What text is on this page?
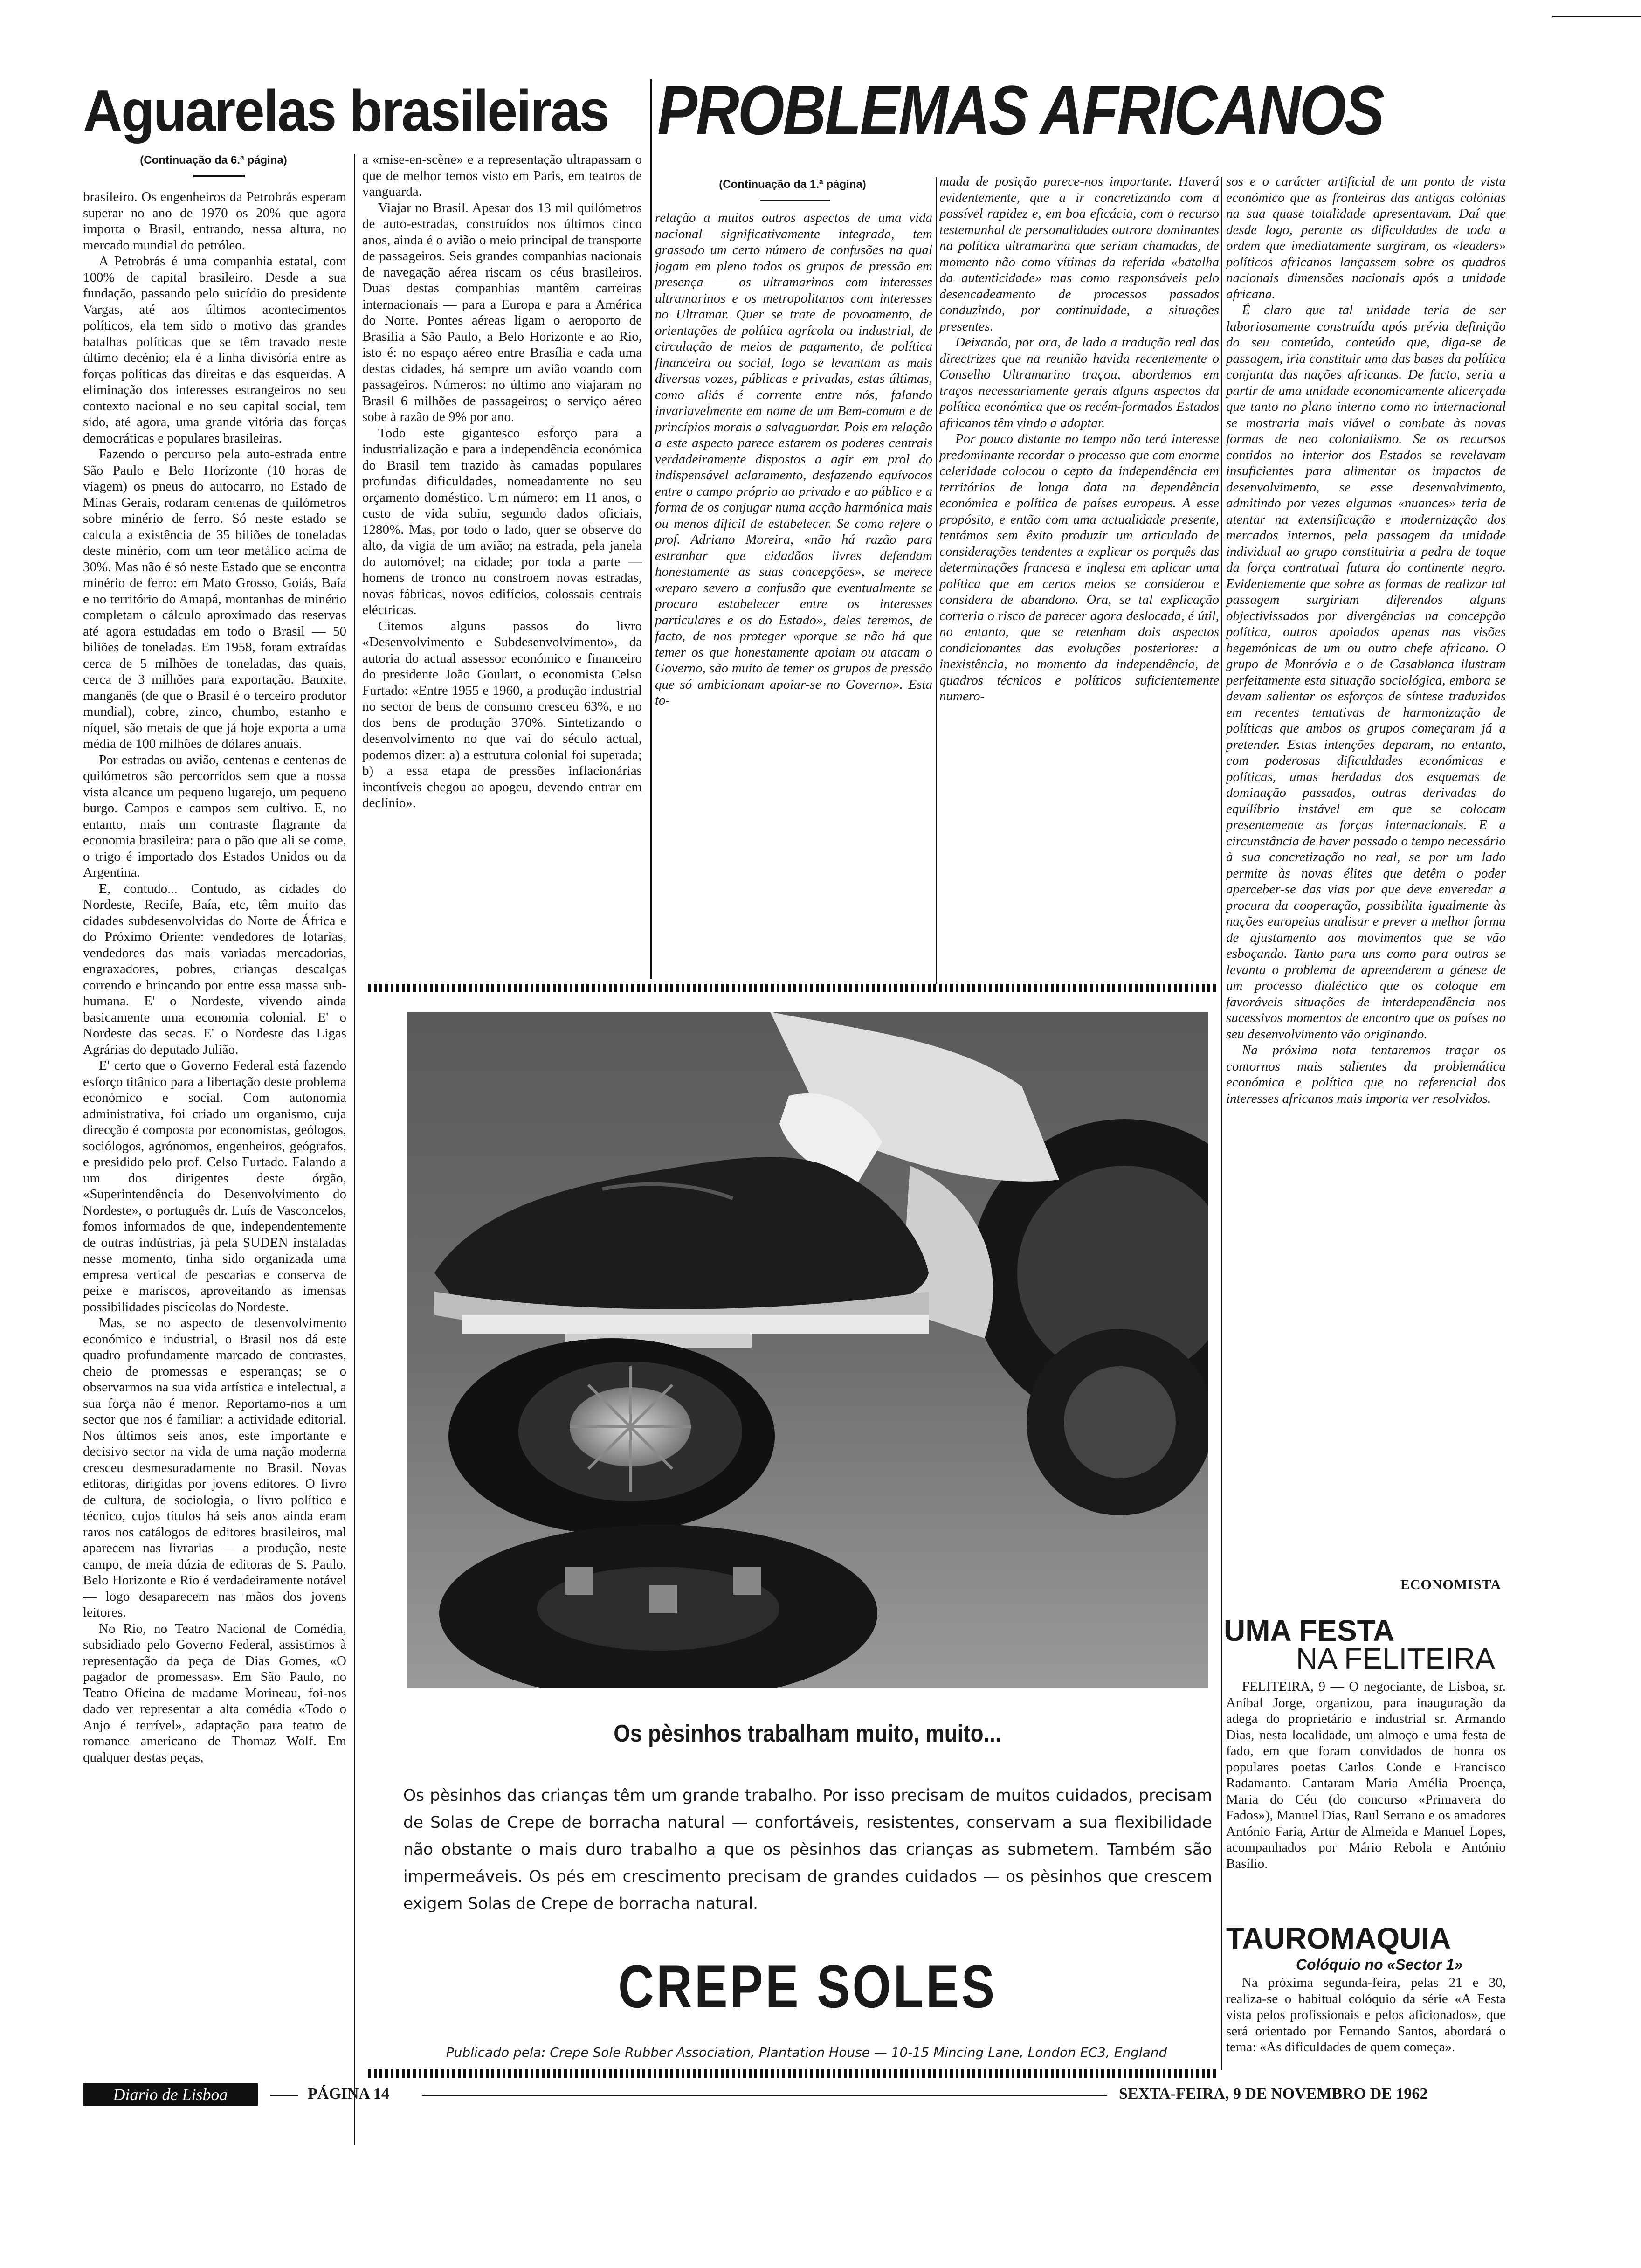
Aguarelas brasileiras
(Continuação da 6.ª página)

brasileiro. Os engenheiros da Petrobrás esperam superar no ano de 1970 os 20% que agora importa o Brasil, entrando, nessa altura, no mercado mundial do petróleo.

A Petrobrás é uma companhia estatal, com 100% de capital brasileiro. Desde a sua fundação, passando pelo suicídio do presidente Vargas, até aos últimos acontecimentos políticos, ela tem sido o motivo das grandes batalhas políticas que se têm travado neste último decénio; ela é a linha divisória entre as forças políticas das direitas e das esquerdas. A eliminação dos interesses estrangeiros no seu contexto nacional e no seu capital social, tem sido, até agora, uma grande vitória das forças democráticas e populares brasileiras.

Fazendo o percurso pela auto-estrada entre São Paulo e Belo Horizonte (10 horas de viagem) os pneus do autocarro, no Estado de Minas Gerais, rodaram centenas de quilómetros sobre minério de ferro. Só neste estado se calcula a existência de 35 biliões de toneladas deste minério, com um teor metálico acima de 30%. Mas não é só neste Estado que se encontra minério de ferro: em Mato Grosso, Goiás, Baía e no território do Amapá, montanhas de minério completam o cálculo aproximado das reservas até agora estudadas em todo o Brasil — 50 biliões de toneladas. Em 1958, foram extraídas cerca de 5 milhões de toneladas, das quais, cerca de 3 milhões para exportação. Bauxite, manganês (de que o Brasil é o terceiro produtor mundial), cobre, zinco, chumbo, estanho e níquel, são metais de que já hoje exporta a uma média de 100 milhões de dólares anuais.

Por estradas ou avião, centenas e centenas de quilómetros são percorridos sem que a nossa vista alcance um pequeno lugarejo, um pequeno burgo. Campos e campos sem cultivo. E, no entanto, mais um contraste flagrante da economia brasileira: para o pão que ali se come, o trigo é importado dos Estados Unidos ou da Argentina.

E, contudo... Contudo, as cidades do Nordeste, Recife, Baía, etc, têm muito das cidades subdesenvolvidas do Norte de África e do Próximo Oriente: vendedores de lotarias, vendedores das mais variadas mercadorias, engraxadores, pobres, crianças descalças correndo e brincando por entre essa massa sub-humana. E' o Nordeste, vivendo ainda basicamente uma economia colonial. E' o Nordeste das secas. E' o Nordeste das Ligas Agrárias do deputado Julião.

E' certo que o Governo Federal está fazendo esforço titânico para a libertação deste problema económico e social. Com autonomia administrativa, foi criado um organismo, cuja direcção é composta por economistas, geólogos, sociólogos, agrónomos, engenheiros, geógrafos, e presidido pelo prof. Celso Furtado. Falando a um dos dirigentes deste órgão, «Superintendência do Desenvolvimento do Nordeste», o português dr. Luís de Vasconcelos, fomos informados de que, independentemente de outras indústrias, já pela SUDEN instaladas nesse momento, tinha sido organizada uma empresa vertical de pescarias e conserva de peixe e mariscos, aproveitando as imensas possibilidades piscícolas do Nordeste.

Mas, se no aspecto de desenvolvimento económico e industrial, o Brasil nos dá este quadro profundamente marcado de contrastes, cheio de promessas e esperanças; se o observarmos na sua vida artística e intelectual, a sua força não é menor. Reportamo-nos a um sector que nos é familiar: a actividade editorial. Nos últimos seis anos, este importante e decisivo sector na vida de uma nação moderna cresceu desmesuradamente no Brasil. Novas editoras, dirigidas por jovens editores. O livro de cultura, de sociologia, o livro político e técnico, cujos títulos há seis anos ainda eram raros nos catálogos de editores brasileiros, mal aparecem nas livrarias — a produção, neste campo, de meia dúzia de editoras de S. Paulo, Belo Horizonte e Rio é verdadeiramente notável — logo desaparecem nas mãos dos jovens leitores.

No Rio, no Teatro Nacional de Comédia, subsidiado pelo Governo Federal, assistimos à representação da peça de Dias Gomes, «O pagador de promessas». Em São Paulo, no Teatro Oficina de madame Morineau, foi-nos dado ver representar a alta comédia «Todo o Anjo é terrível», adaptação para teatro de romance americano de Thomaz Wolf. Em qualquer destas peças,

a «mise-en-scène» e a representação ultrapassam o que de melhor temos visto em Paris, em teatros de vanguarda.

Viajar no Brasil. Apesar dos 13 mil quilómetros de auto-estradas, construídos nos últimos cinco anos, ainda é o avião o meio principal de transporte de passageiros. Seis grandes companhias nacionais de navegação aérea riscam os céus brasileiros. Duas destas companhias mantêm carreiras internacionais — para a Europa e para a América do Norte. Pontes aéreas ligam o aeroporto de Brasília a São Paulo, a Belo Horizonte e ao Rio, isto é: no espaço aéreo entre Brasília e cada uma destas cidades, há sempre um avião voando com passageiros. Números: no último ano viajaram no Brasil 6 milhões de passageiros; o serviço aéreo sobe à razão de 9% por ano.

Todo este gigantesco esforço para a industrialização e para a independência económica do Brasil tem trazido às camadas populares profundas dificuldades, nomeadamente no seu orçamento doméstico. Um número: em 11 anos, o custo de vida subiu, segundo dados oficiais, 1280%. Mas, por todo o lado, quer se observe do alto, da vigia de um avião; na estrada, pela janela do automóvel; na cidade; por toda a parte — homens de tronco nu constroem novas estradas, novas fábricas, novos edifícios, colossais centrais eléctricas.

Citemos alguns passos do livro «Desenvolvimento e Subdesenvolvimento», da autoria do actual assessor económico e financeiro do presidente João Goulart, o economista Celso Furtado: «Entre 1955 e 1960, a produção industrial no sector de bens de consumo cresceu 63%, e no dos bens de produção 370%. Sintetizando o desenvolvimento no que vai do século actual, podemos dizer: a) a estrutura colonial foi superada; b) a essa etapa de pressões inflacionárias incontíveis chegou ao apogeu, devendo entrar em declínio».

PROBLEMAS AFRICANOS
(Continuação da 1.ª página)

relação a muitos outros aspectos de uma vida nacional significativamente integrada, tem grassado um certo número de confusões na qual jogam em pleno todos os grupos de pressão em presença — os ultramarinos com interesses ultramarinos e os metropolitanos com interesses no Ultramar. Quer se trate de povoamento, de orientações de política agrícola ou industrial, de circulação de meios de pagamento, de política financeira ou social, logo se levantam as mais diversas vozes, públicas e privadas, estas últimas, como aliás é corrente entre nós, falando invariavelmente em nome de um Bem-comum e de princípios morais a salvaguardar. Pois em relação a este aspecto parece estarem os poderes centrais verdadeiramente dispostos a agir em prol do indispensável aclaramento, desfazendo equívocos entre o campo próprio ao privado e ao público e a forma de os conjugar numa acção harmónica mais ou menos difícil de estabelecer. Se como refere o prof. Adriano Moreira, «não há razão para estranhar que cidadãos livres defendam honestamente as suas concepções», se merece «reparo severo a confusão que eventualmente se procura estabelecer entre os interesses particulares e os do Estado», deles teremos, de facto, de nos proteger «porque se não há que temer os que honestamente apoiam ou atacam o Governo, são muito de temer os grupos de pressão que só ambicionam apoiar-se no Governo». Esta to-

mada de posição parece-nos importante. Haverá evidentemente, que a ir concretizando com a possível rapidez e, em boa eficácia, com o recurso testemunhal de personalidades outrora dominantes na política ultramarina que seriam chamadas, de momento não como vítimas da referida «batalha da autenticidade» mas como responsáveis pelo desencadeamento de processos passados conduzindo, por continuidade, a situações presentes.

Deixando, por ora, de lado a tradução real das directrizes que na reunião havida recentemente o Conselho Ultramarino traçou, abordemos em traços necessariamente gerais alguns aspectos da política económica que os recém-formados Estados africanos têm vindo a adoptar.

Por pouco distante no tempo não terá interesse predominante recordar o processo que com enorme celeridade colocou o cepto da independência em territórios de longa data na dependência económica e política de países europeus. A esse propósito, e então com uma actualidade presente, tentámos sem êxito produzir um articulado de considerações tendentes a explicar os porquês das determinações francesa e inglesa em aplicar uma política que em certos meios se considerou e considera de abandono. Ora, se tal explicação correria o risco de parecer agora deslocada, é útil, no entanto, que se retenham dois aspectos condicionantes das evoluções posteriores: a inexistência, no momento da independência, de quadros técnicos e políticos suficientemente numero-

sos e o carácter artificial de um ponto de vista económico que as fronteiras das antigas colónias na sua quase totalidade apresentavam. Daí que desde logo, perante as dificuldades de toda a ordem que imediatamente surgiram, os «leaders» políticos africanos lançassem sobre os quadros nacionais dimensões nacionais após a unidade africana.

É claro que tal unidade teria de ser laboriosamente construída após prévia definição do seu conteúdo, conteúdo que, diga-se de passagem, iria constituir uma das bases da política conjunta das nações africanas. De facto, seria a partir de uma unidade economicamente alicerçada que tanto no plano interno como no internacional se mostraria mais viável o combate às novas formas de neo colonialismo. Se os recursos contidos no interior dos Estados se revelavam insuficientes para alimentar os impactos de desenvolvimento, se esse desenvolvimento, admitindo por vezes algumas «nuances» teria de atentar na extensificação e modernização dos mercados internos, pela passagem da unidade individual ao grupo constituiria a pedra de toque da força contratual futura do continente negro. Evidentemente que sobre as formas de realizar tal passagem surgiriam diferendos alguns objectivissados por divergências na concepção política, outros apoiados apenas nas visões hegemónicas de um ou outro chefe africano. O grupo de Monróvia e o de Casablanca ilustram perfeitamente esta situação sociológica, embora se devam salientar os esforços de síntese traduzidos em recentes tentativas de harmonização de políticas que ambos os grupos começaram já a pretender. Estas intenções deparam, no entanto, com poderosas dificuldades económicas e políticas, umas herdadas dos esquemas de dominação passados, outras derivadas do equilíbrio instável em que se colocam presentemente as forças internacionais. E a circunstância de haver passado o tempo necessário à sua concretização no real, se por um lado permite às novas élites que detêm o poder aperceber-se das vias por que deve enveredar a procura da cooperação, possibilita igualmente às nações europeias analisar e prever a melhor forma de ajustamento aos movimentos que se vão esboçando. Tanto para uns como para outros se levanta o problema de apreenderem a génese de um processo dialéctico que os coloque em favoráveis situações de interdependência nos sucessivos momentos de encontro que os países no seu desenvolvimento vão originando.

Na próxima nota tentaremos traçar os contornos mais salientes da problemática económica e política que no referencial dos interesses africanos mais importa ver resolvidos.

ECONOMISTA
Os pèsinhos trabalham muito, muito...
Os pèsinhos das crianças têm um grande trabalho. Por isso precisam de muitos cuidados, precisam de Solas de Crepe de borracha natural — confortáveis, resistentes, conservam a sua flexibilidade não obstante o mais duro trabalho a que os pèsinhos das crianças as submetem. Também são impermeáveis. Os pés em crescimento precisam de grandes cuidados — os pèsinhos que crescem exigem Solas de Crepe de borracha natural.
CREPE SOLES
Publicado pela: Crepe Sole Rubber Association, Plantation House — 10-15 Mincing Lane, London EC3, England
UMA FESTA
NA FELITEIRA

FELITEIRA, 9 — O negociante, de Lisboa, sr. Aníbal Jorge, organizou, para inauguração da adega do proprietário e industrial sr. Armando Dias, nesta localidade, um almoço e uma festa de fado, em que foram convidados de honra os populares poetas Carlos Conde e Francisco Radamanto. Cantaram Maria Amélia Proença, Maria do Céu (do concurso «Primavera do Fados»), Manuel Dias, Raul Serrano e os amadores António Faria, Artur de Almeida e Manuel Lopes, acompanhados por Mário Rebola e António Basílio.

TAUROMAQUIA
Colóquio no «Sector 1»

Na próxima segunda-feira, pelas 21 e 30, realiza-se o habitual colóquio da série «A Festa vista pelos profissionais e pelos aficionados», que será orientado por Fernando Santos, abordará o tema: «As dificuldades de quem começa».

Diario de Lisboa	PÁGINA 14	SEXTA-FEIRA, 9 DE NOVEMBRO DE 1962
